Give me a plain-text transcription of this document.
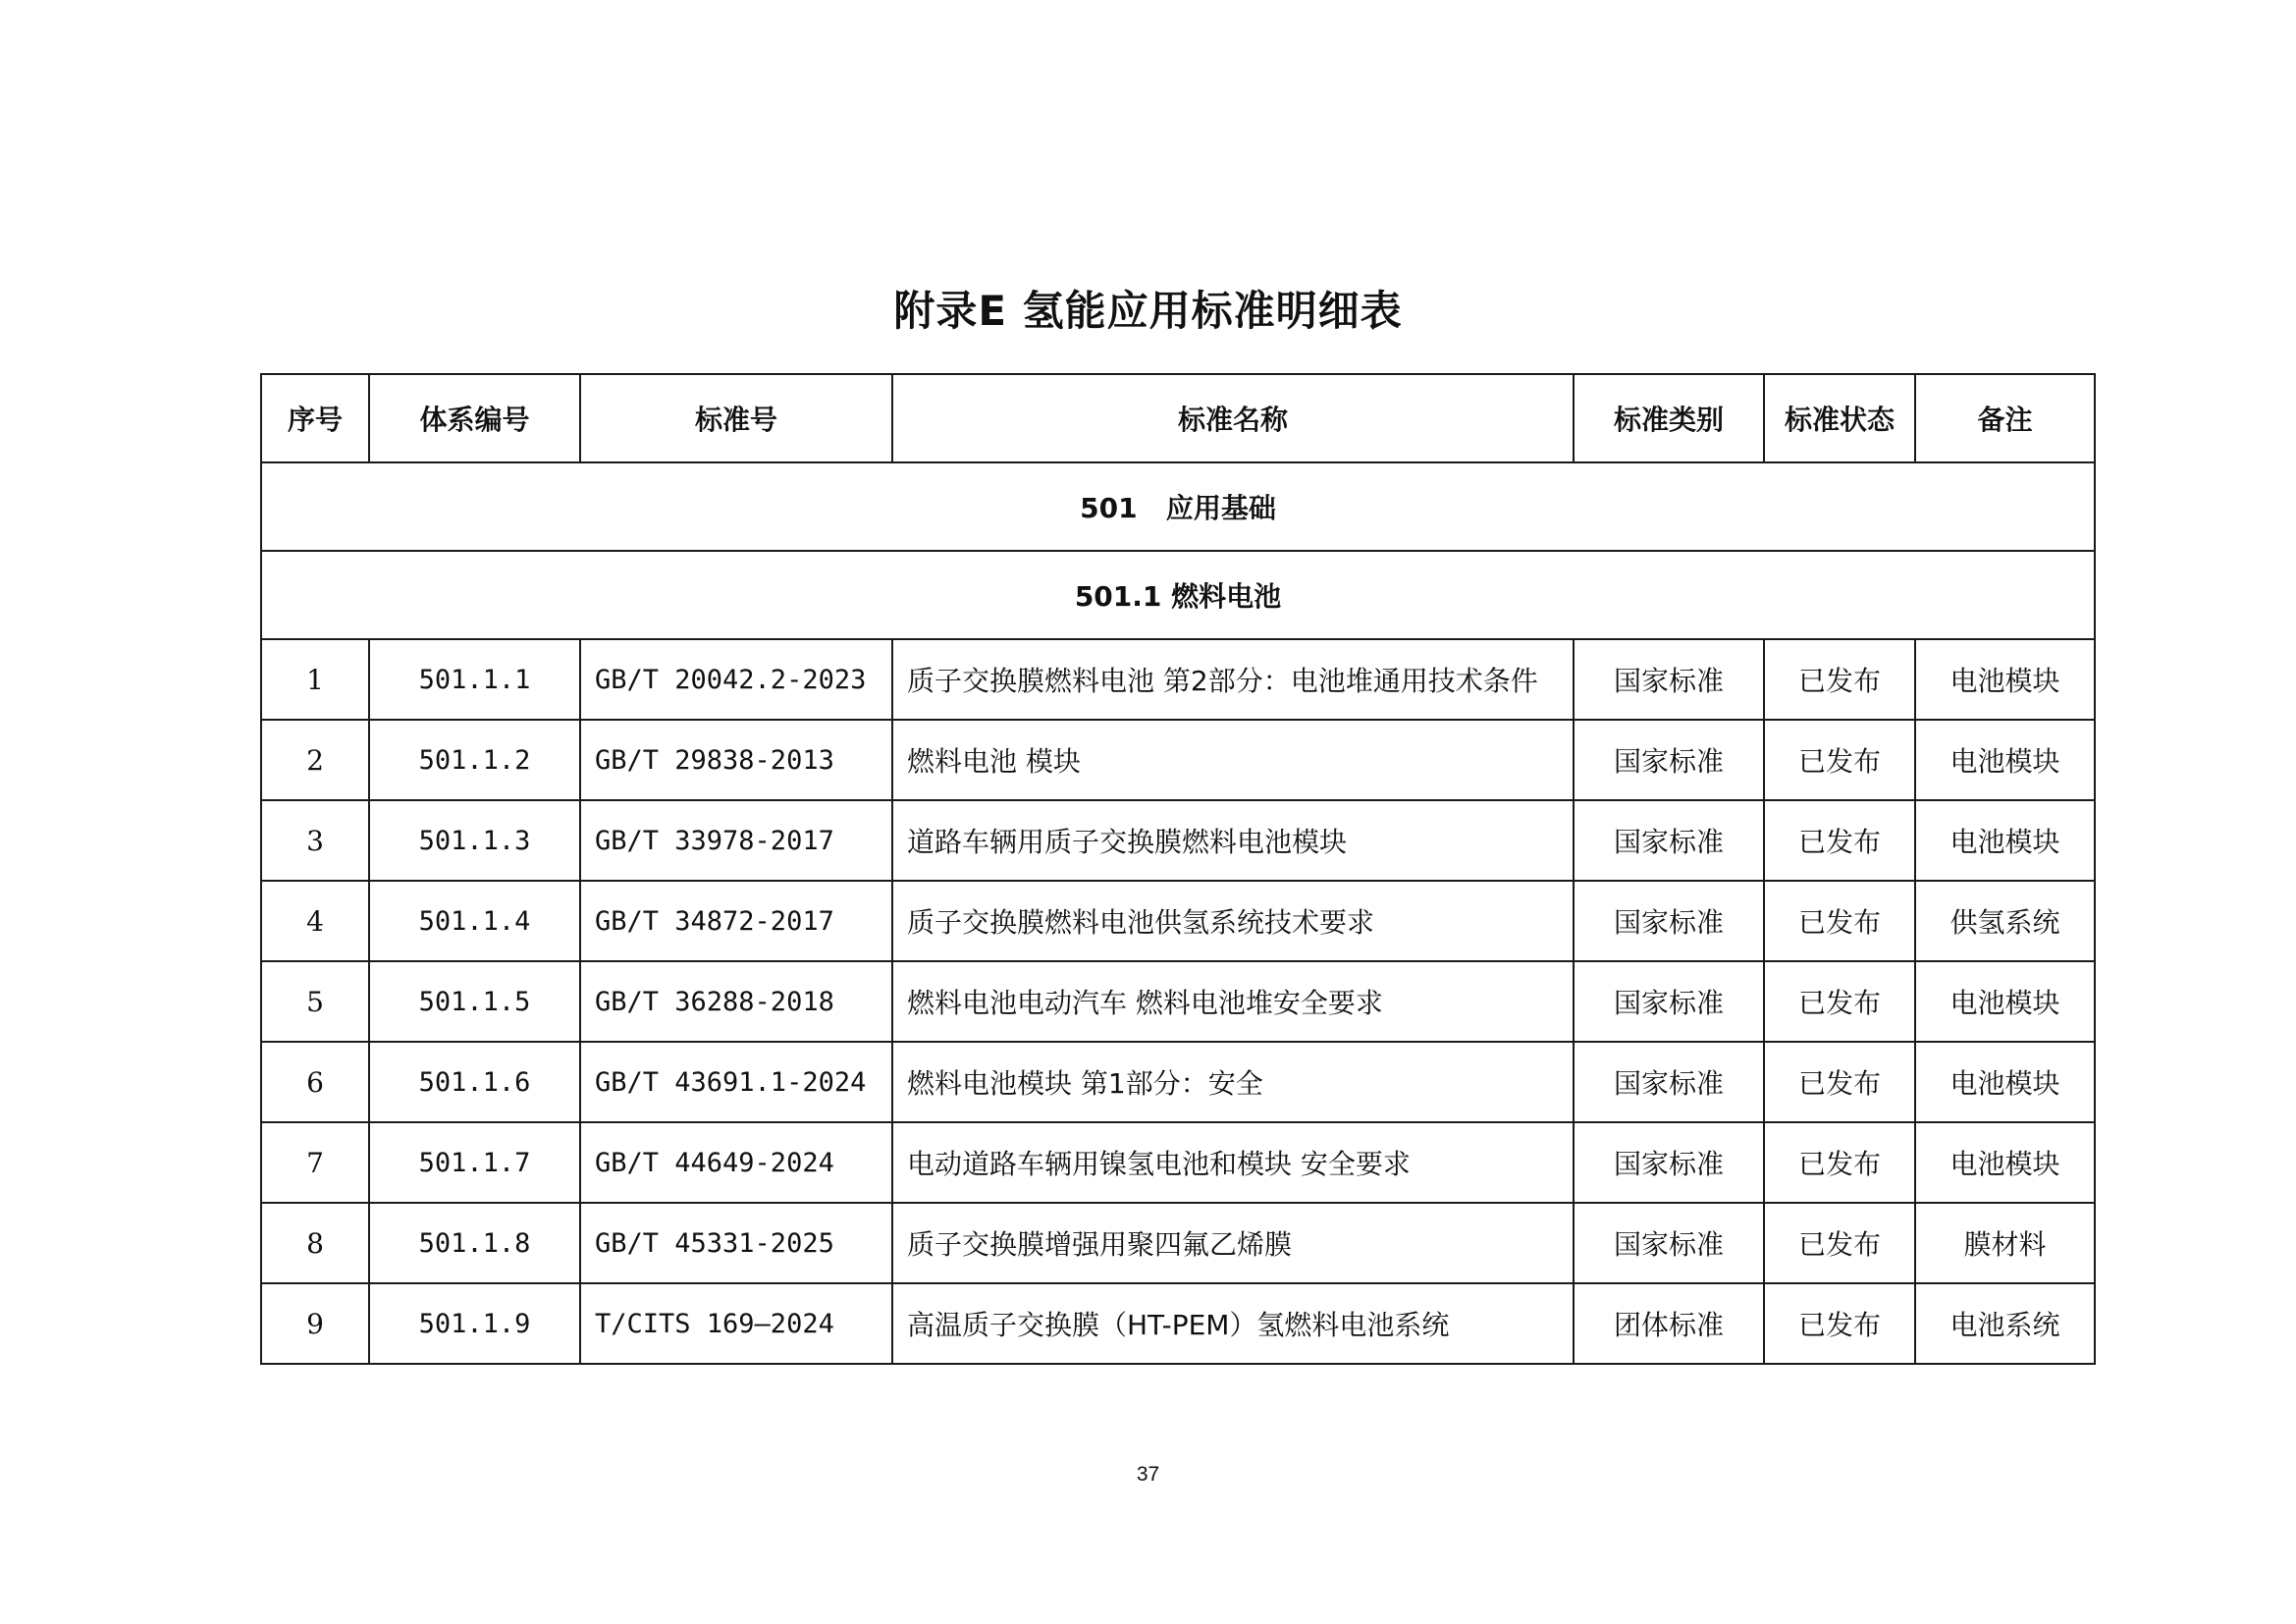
附录E 氢能应用标准明细表
序号	体系编号	标准号	标准名称	标准类别	标准状态	备注
501   应用基础						
501.1 燃料电池						
1	501.1.1	GB/T 20042.2-2023	质子交换膜燃料电池 第2部分：电池堆通用技术条件	国家标准	已发布	电池模块
2	501.1.2	GB/T 29838-2013	燃料电池 模块	国家标准	已发布	电池模块
3	501.1.3	GB/T 33978-2017	道路车辆用质子交换膜燃料电池模块	国家标准	已发布	电池模块
4	501.1.4	GB/T 34872-2017	质子交换膜燃料电池供氢系统技术要求	国家标准	已发布	供氢系统
5	501.1.5	GB/T 36288-2018	燃料电池电动汽车 燃料电池堆安全要求	国家标准	已发布	电池模块
6	501.1.6	GB/T 43691.1-2024	燃料电池模块 第1部分：安全	国家标准	已发布	电池模块
7	501.1.7	GB/T 44649-2024	电动道路车辆用镍氢电池和模块 安全要求	国家标准	已发布	电池模块
8	501.1.8	GB/T 45331-2025	质子交换膜增强用聚四氟乙烯膜	国家标准	已发布	膜材料
9	501.1.9	T/CITS 169—2024	高温质子交换膜（HT-PEM）氢燃料电池系统	团体标准	已发布	电池系统
37
